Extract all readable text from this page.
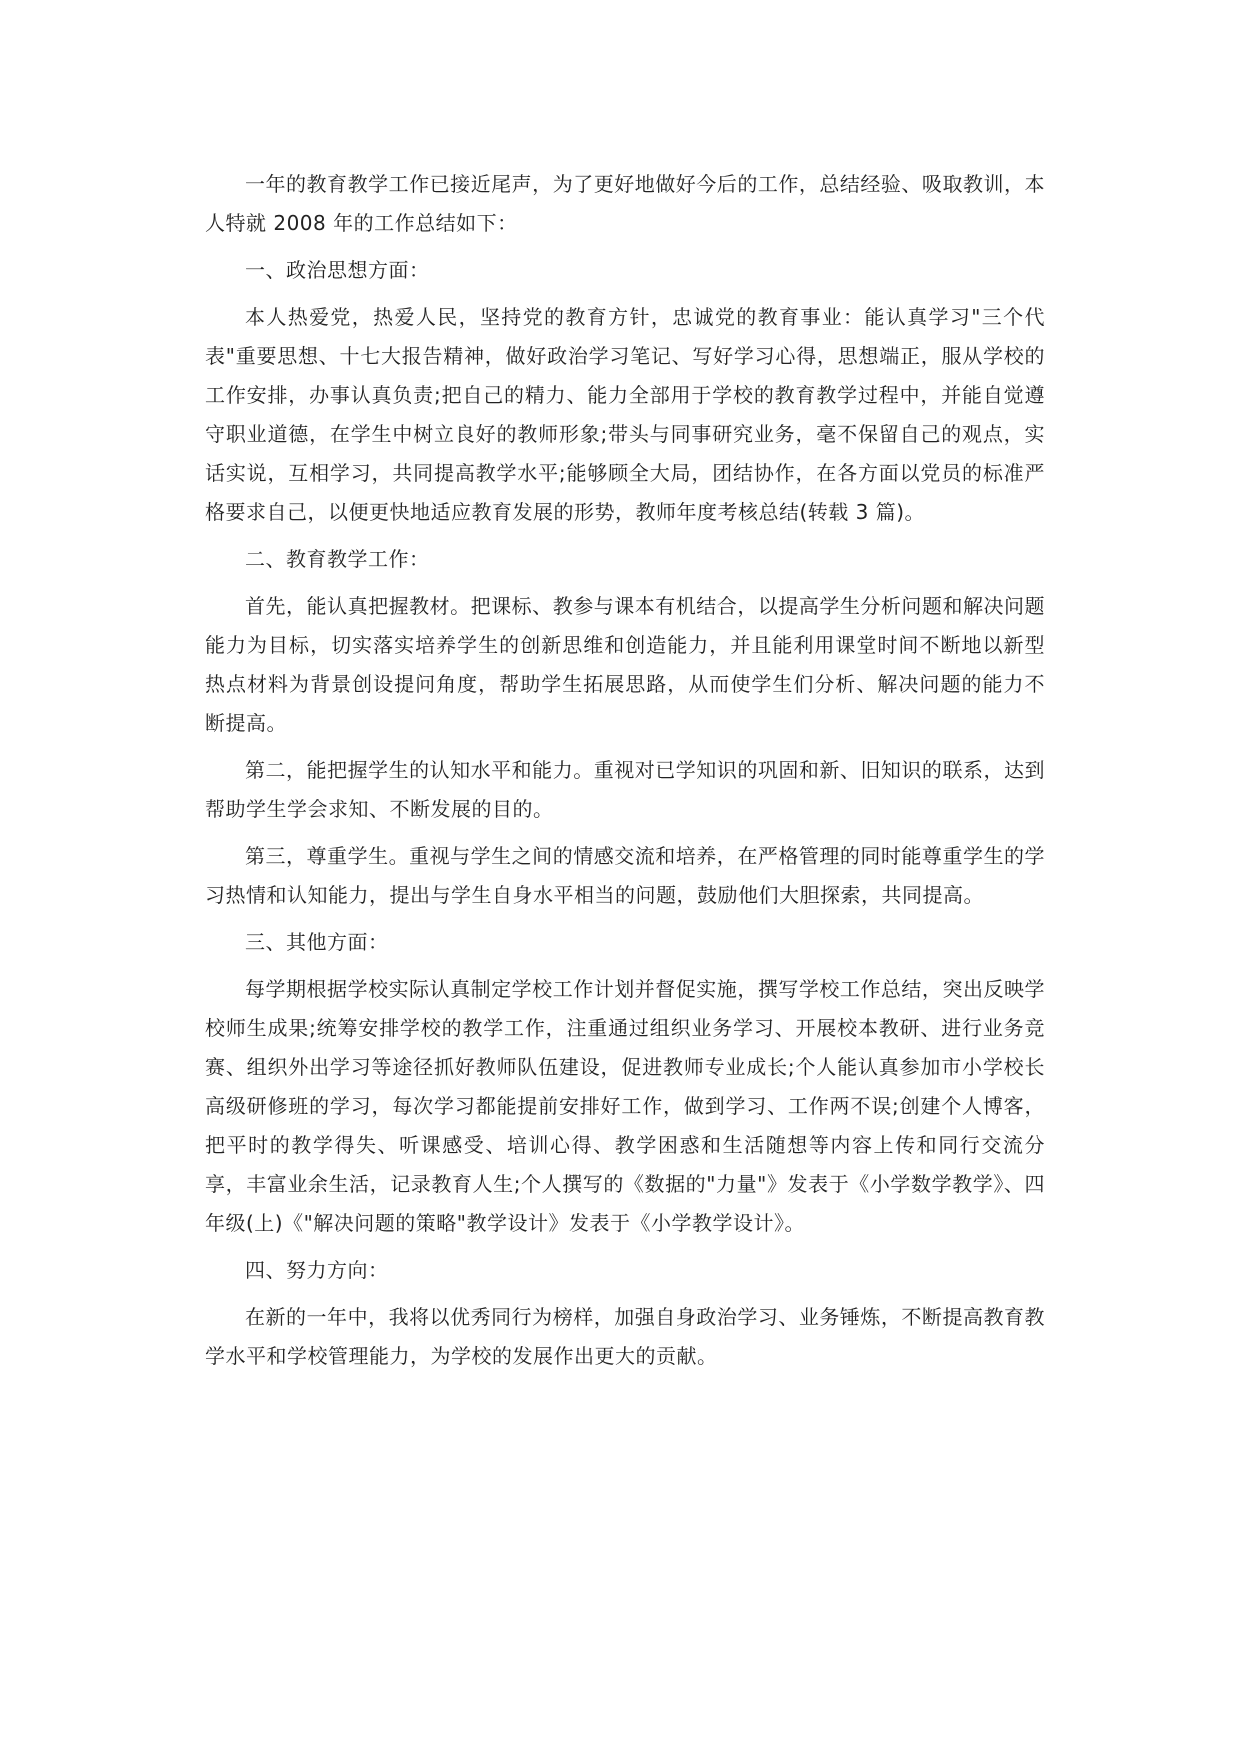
一年的教育教学工作已接近尾声，为了更好地做好今后的工作，总结经验、吸取教训，本人特就 2008 年的工作总结如下：

一、政治思想方面：

本人热爱党，热爱人民，坚持党的教育方针，忠诚党的教育事业：能认真学习"三个代表"重要思想、十七大报告精神，做好政治学习笔记、写好学习心得，思想端正，服从学校的工作安排，办事认真负责;把自己的精力、能力全部用于学校的教育教学过程中，并能自觉遵守职业道德，在学生中树立良好的教师形象;带头与同事研究业务，毫不保留自己的观点，实话实说，互相学习，共同提高教学水平;能够顾全大局，团结协作，在各方面以党员的标准严格要求自己，以便更快地适应教育发展的形势，教师年度考核总结(转载 3 篇)。

二、教育教学工作：

首先，能认真把握教材。把课标、教参与课本有机结合，以提高学生分析问题和解决问题能力为目标，切实落实培养学生的创新思维和创造能力，并且能利用课堂时间不断地以新型热点材料为背景创设提问角度，帮助学生拓展思路，从而使学生们分析、解决问题的能力不断提高。

第二，能把握学生的认知水平和能力。重视对已学知识的巩固和新、旧知识的联系，达到帮助学生学会求知、不断发展的目的。

第三，尊重学生。重视与学生之间的情感交流和培养，在严格管理的同时能尊重学生的学习热情和认知能力，提出与学生自身水平相当的问题，鼓励他们大胆探索，共同提高。

三、其他方面：

每学期根据学校实际认真制定学校工作计划并督促实施，撰写学校工作总结，突出反映学校师生成果;统筹安排学校的教学工作，注重通过组织业务学习、开展校本教研、进行业务竞赛、组织外出学习等途径抓好教师队伍建设，促进教师专业成长;个人能认真参加市小学校长高级研修班的学习，每次学习都能提前安排好工作，做到学习、工作两不误;创建个人博客，把平时的教学得失、听课感受、培训心得、教学困惑和生活随想等内容上传和同行交流分享，丰富业余生活，记录教育人生;个人撰写的《数据的"力量"》发表于《小学数学教学》、四年级(上)《"解决问题的策略"教学设计》发表于《小学教学设计》。

四、努力方向：

在新的一年中，我将以优秀同行为榜样，加强自身政治学习、业务锤炼，不断提高教育教学水平和学校管理能力，为学校的发展作出更大的贡献。
